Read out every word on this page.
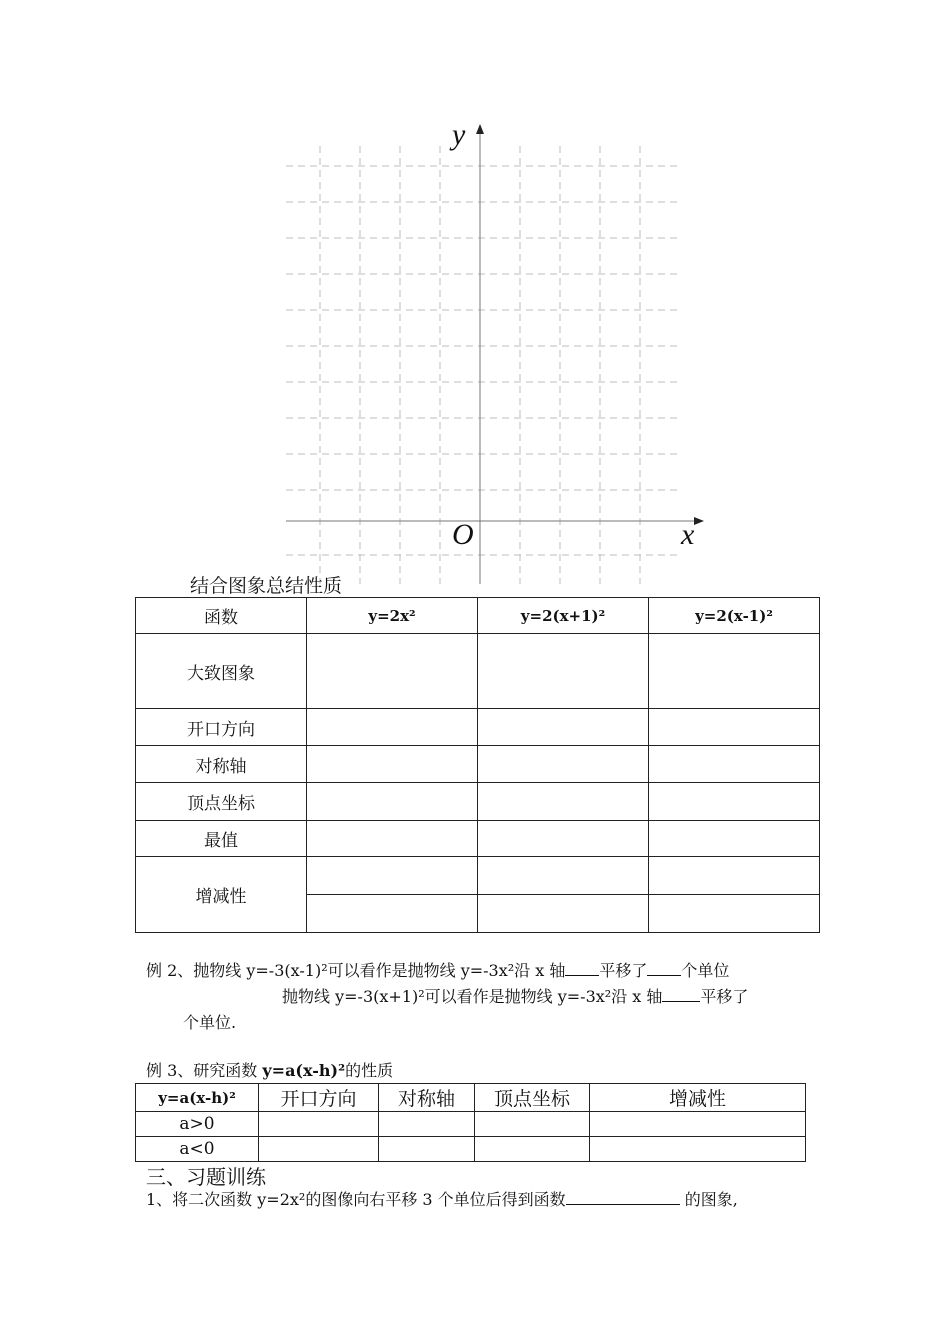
y
x
O
结合图象总结性质
函数	y=2x²	y=2(x+1)²	y=2(x-1)²
大致图象			
开口方向			
对称轴			
顶点坐标			
最值			
增减性			

例 2、抛物线 y=-3(x-1)²可以看作是抛物线 y=-3x²沿 x 轴 平移了 个单位
抛物线 y=-3(x+1)²可以看作是抛物线 y=-3x²沿 x 轴 平移了
个单位.
例 3、研究函数 y=a(x-h)²的性质
y=a(x-h)²	开口方向	对称轴	顶点坐标	增减性
a>0				
a<0				
三、习题训练
1、将二次函数 y=2x²的图像向右平移 3 个单位后得到函数	的图象,
